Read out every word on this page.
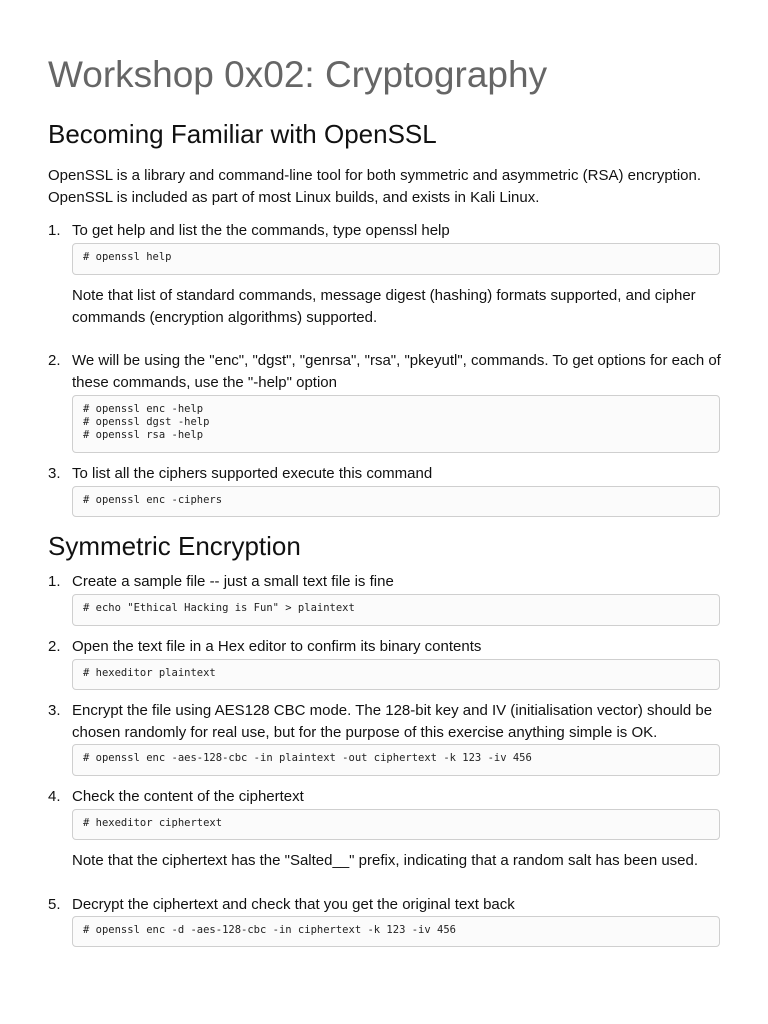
Workshop 0x02: Cryptography
Becoming Familiar with OpenSSL

OpenSSL is a library and command-line tool for both symmetric and asymmetric (RSA) encryption. OpenSSL is included as part of most Linux builds, and exists in Kali Linux.

1. To get help and list the the commands, type openssl help
# openssl help
Note that list of standard commands, message digest (hashing) formats supported, and cipher commands (encryption algorithms) supported.
2. We will be using the "enc", "dgst", "genrsa", "rsa", "pkeyutl", commands. To get options for each of these commands, use the "-help" option
# openssl enc -help
# openssl dgst -help
# openssl rsa -help
3. To list all the ciphers supported execute this command
# openssl enc -ciphers
Symmetric Encryption
1. Create a sample file -- just a small text file is fine
# echo "Ethical Hacking is Fun" > plaintext
2. Open the text file in a Hex editor to confirm its binary contents
# hexeditor plaintext
3. Encrypt the file using AES128 CBC mode. The 128-bit key and IV (initialisation vector) should be chosen randomly for real use, but for the purpose of this exercise anything simple is OK.
# openssl enc -aes-128-cbc -in plaintext -out ciphertext -k 123 -iv 456
4. Check the content of the ciphertext
# hexeditor ciphertext
Note that the ciphertext has the "Salted__" prefix, indicating that a random salt has been used.
5. Decrypt the ciphertext and check that you get the original text back
# openssl enc -d -aes-128-cbc -in ciphertext -k 123 -iv 456
